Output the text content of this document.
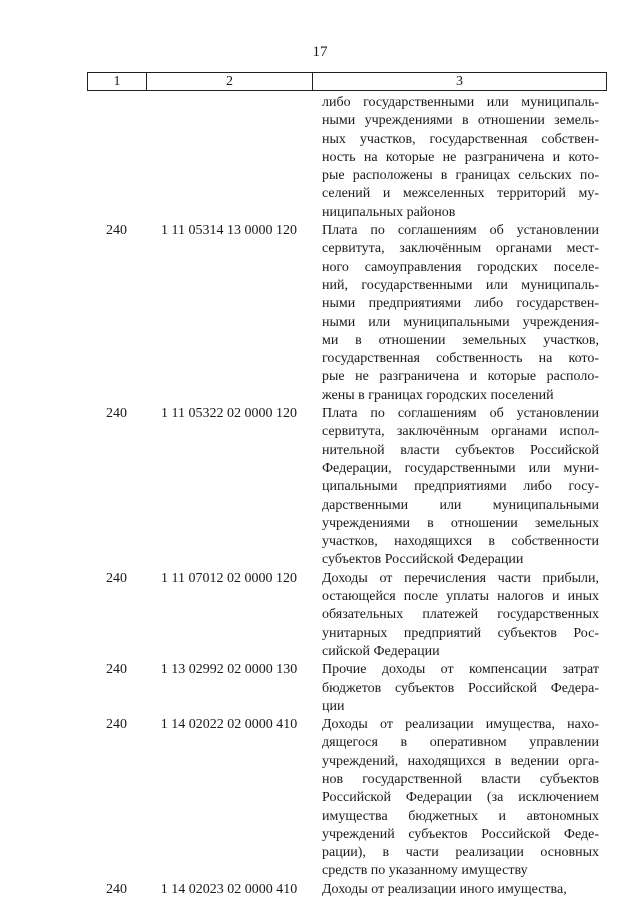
17
1	2	3
либо государственными или муниципаль-
ными учреждениями в отношении земель-
ных участков, государственная собствен-
ность на которые не разграничена и кото-
рые расположены в границах сельских по-
селений и межселенных территорий му-
ниципальных районов
240	1 11 05314 13 0000 120	Плата по соглашениям об установлении
сервитута, заключённым органами мест-
ного самоуправления городских поселе-
ний, государственными или муниципаль-
ными предприятиями либо государствен-
ными или муниципальными учреждения-
ми в отношении земельных участков,
государственная собственность на кото-
рые не разграничена и которые располо-
жены в границах городских поселений
240	1 11 05322 02 0000 120	Плата по соглашениям об установлении
сервитута, заключённым органами испол-
нительной власти субъектов Российской
Федерации, государственными или муни-
ципальными предприятиями либо госу-
дарственными или муниципальными
учреждениями в отношении земельных
участков, находящихся в собственности
субъектов Российской Федерации
240	1 11 07012 02 0000 120	Доходы от перечисления части прибыли,
остающейся после уплаты налогов и иных
обязательных платежей государственных
унитарных предприятий субъектов Рос-
сийской Федерации
240	1 13 02992 02 0000 130	Прочие доходы от компенсации затрат
бюджетов субъектов Российской Федера-
ции
240	1 14 02022 02 0000 410	Доходы от реализации имущества, нахо-
дящегося в оперативном управлении
учреждений, находящихся в ведении орга-
нов государственной власти субъектов
Российской Федерации (за исключением
имущества бюджетных и автономных
учреждений субъектов Российской Феде-
рации), в части реализации основных
средств по указанному имуществу
240	1 14 02023 02 0000 410	Доходы от реализации иного имущества,
